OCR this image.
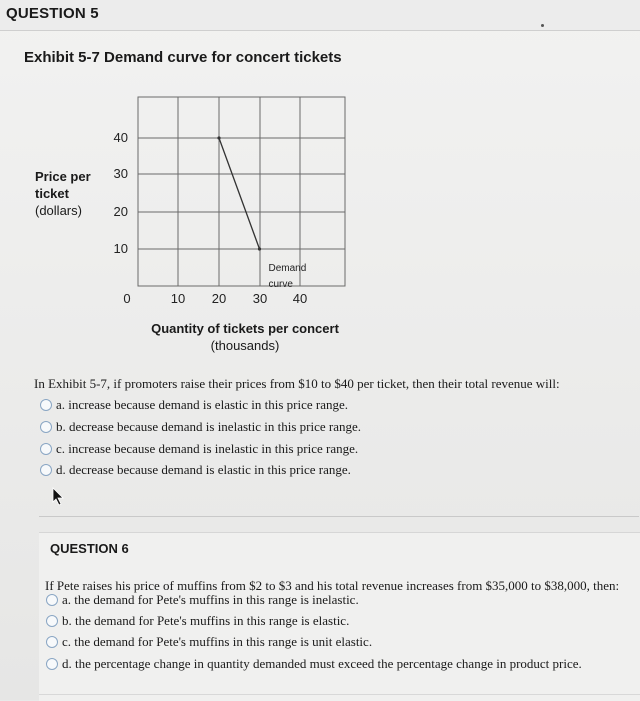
QUESTION 5
Exhibit 5-7 Demand curve for concert tickets
Price per
ticket
(dollars)
10
20
30
40
0	10 20 30 40
Demand
curve
Quantity of tickets per concert
(thousands)
In Exhibit 5-7, if promoters raise their prices from $10 to $40 per ticket, then their total revenue will:
a. increase because demand is elastic in this price range.
b. decrease because demand is inelastic in this price range.
c. increase because demand is inelastic in this price range.
d. decrease because demand is elastic in this price range.
QUESTION 6
If Pete raises his price of muffins from $2 to $3 and his total revenue increases from $35,000 to $38,000, then:
a. the demand for Pete's muffins in this range is inelastic.
b. the demand for Pete's muffins in this range is elastic.
c. the demand for Pete's muffins in this range is unit elastic.
d. the percentage change in quantity demanded must exceed the percentage change in product price.
